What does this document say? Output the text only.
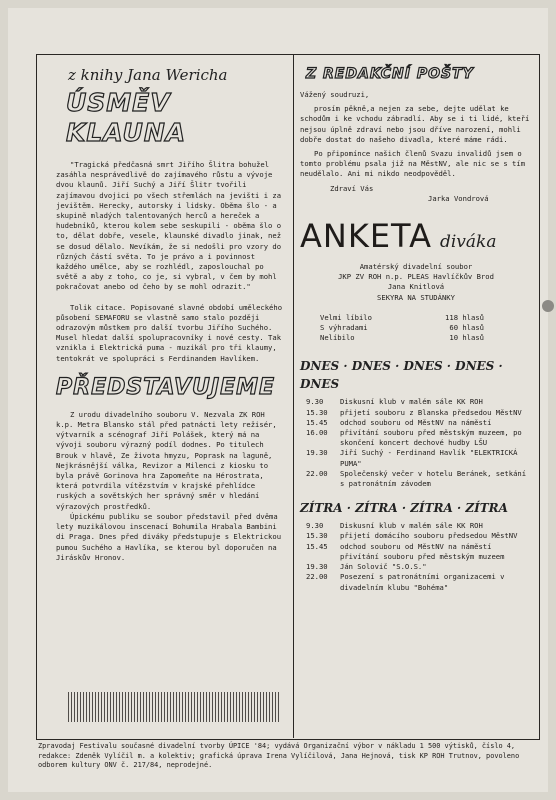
z knihy Jana Wericha
ÚSMĚV KLAUNA

"Tragická předčasná smrt Jiřího Šlitra bohužel zasáhla nesprávedlivě do zajímavého růstu a vývoje dvou klaunů. Jiří Suchý a Jiří Šlitr tvořili zajímavou dvojici po všech střemlách na jevišti i za jevištěm. Herecky, autorsky i lidsky. Oběma šlo - a skupině mladých talentovaných herců a hereček a hudebníků, kterou kolem sebe seskupili - oběma šlo o to, dělat dobře, vesele, klaunské divadlo jinak, než se dosud dělalo. Nevíkám, že si nedošli pro vzory do různých částí světa. To je právo a i povinnost každého umělce, aby se rozhlédl, zaposlouchal po světě a aby z toho, co je, si vybral, v čem by mohl pokračovat anebo od čeho by se mohl odrazit."

Tolik citace. Popisované slavné období uměleckého působení SEMAFORU se vlastně samo stalo později odrazovým můstkem pro další tvorbu Jiřího Suchého. Musel hledat další spolupracovníky i nové cesty. Tak vznikla i Elektrická puma - muzikál pro tři klaumy, tentokrát ve spolupráci s Ferdinandem Havlíkem.

PŘEDSTAVUJEME

Z urodu divadelního souboru V. Nezvala ZK ROH k.p. Metra Blansko stál před patnácti lety režisér, výtvarník a scénograf Jiří Polášek, který má na vývoji souboru výrazný podíl dodnes. Po titulech Brouk v hlavě, Ze života hmyzu, Poprask na laguně, Nejkrásnější válka, Revizor a Milenci z kiosku to byla právě Gorinova hra Zapomeňte na Hérostrata, která potvrdila vítězstvím v krajské přehlídce ruských a sovětských her správný směr v hledání výrazových prostředků.

Úpickému publiku se soubor představil před dvěma lety muzikálovou inscenací Bohumila Hrabala Bambini di Praga. Dnes před diváky předstupuje s Elektrickou pumou Suchého a Havlíka, se kterou byl doporučen na Jiráskův Hronov.

Z REDAKČNÍ POŠTY

Vážený soudruzi,

prosím pěkně,a nejen za sebe, dejte udělat ke schodům i ke vchodu zábradlí. Aby se i ti lidé, kteří nejsou úplně zdraví nebo jsou dříve narození, mohli dobře dostat do našeho divadla, které máme rádi.

Po připomínce našich členů Svazu invalidů jsem o tomto problému psala již na MěstNV, ale nic se s tím neudělalo. Ani mi nikdo neodpověděl.

Zdraví Vás

Jarka Vondrová

ANKETA diváka

Amatérský divadelní soubor

JKP ZV ROH n.p. PLEAS Havlíčkův Brod

Jana Knitlová

SEKYRA NA STUDÁNKY

Velmi líbilo	118 hlasů
S výhradami	60 hlasů
Nelíbilo	10 hlasů
DNES · DNES · DNES · DNES · DNES
9.30	Diskusní klub v malém sále KK ROH
15.30	přijetí souboru z Blanska předsedou MěstNV
15.45	odchod souboru od MěstNV na náměstí
16.00	přivítání souboru před městským muzeem, po skončení koncert dechové hudby LŠU
19.30	Jiří Suchý - Ferdinand Havlík "ELEKTRICKÁ PUMA"
22.00	Společenský večer v hotelu Beránek, setkání s patronátním závodem
ZÍTRA · ZÍTRA · ZÍTRA · ZÍTRA
9.30	Diskusní klub v malém sále KK ROH
15.30	přijetí domácího souboru předsedou MěstNV
15.45	odchod souboru od MěstNV na náměstí přivítání souboru před městským muzeem
19.30	Ján Solovič "S.O.S."
22.00	Posezení s patronátními organizacemi v divadelním klubu "Bohéma"
Zpravodaj Festivalu současné divadelní tvorby ÚPICE '84; vydává Organizační výbor v nákladu 1 500 výtisků, číslo 4, redakce: Zdeněk Vylíčil m. a kolektiv; grafická úprava Irena Vylíčilová, Jana Hejnová, tisk KP ROH Trutnov, povoleno odborem kultury ONV č. 217/84, neprodejné.
